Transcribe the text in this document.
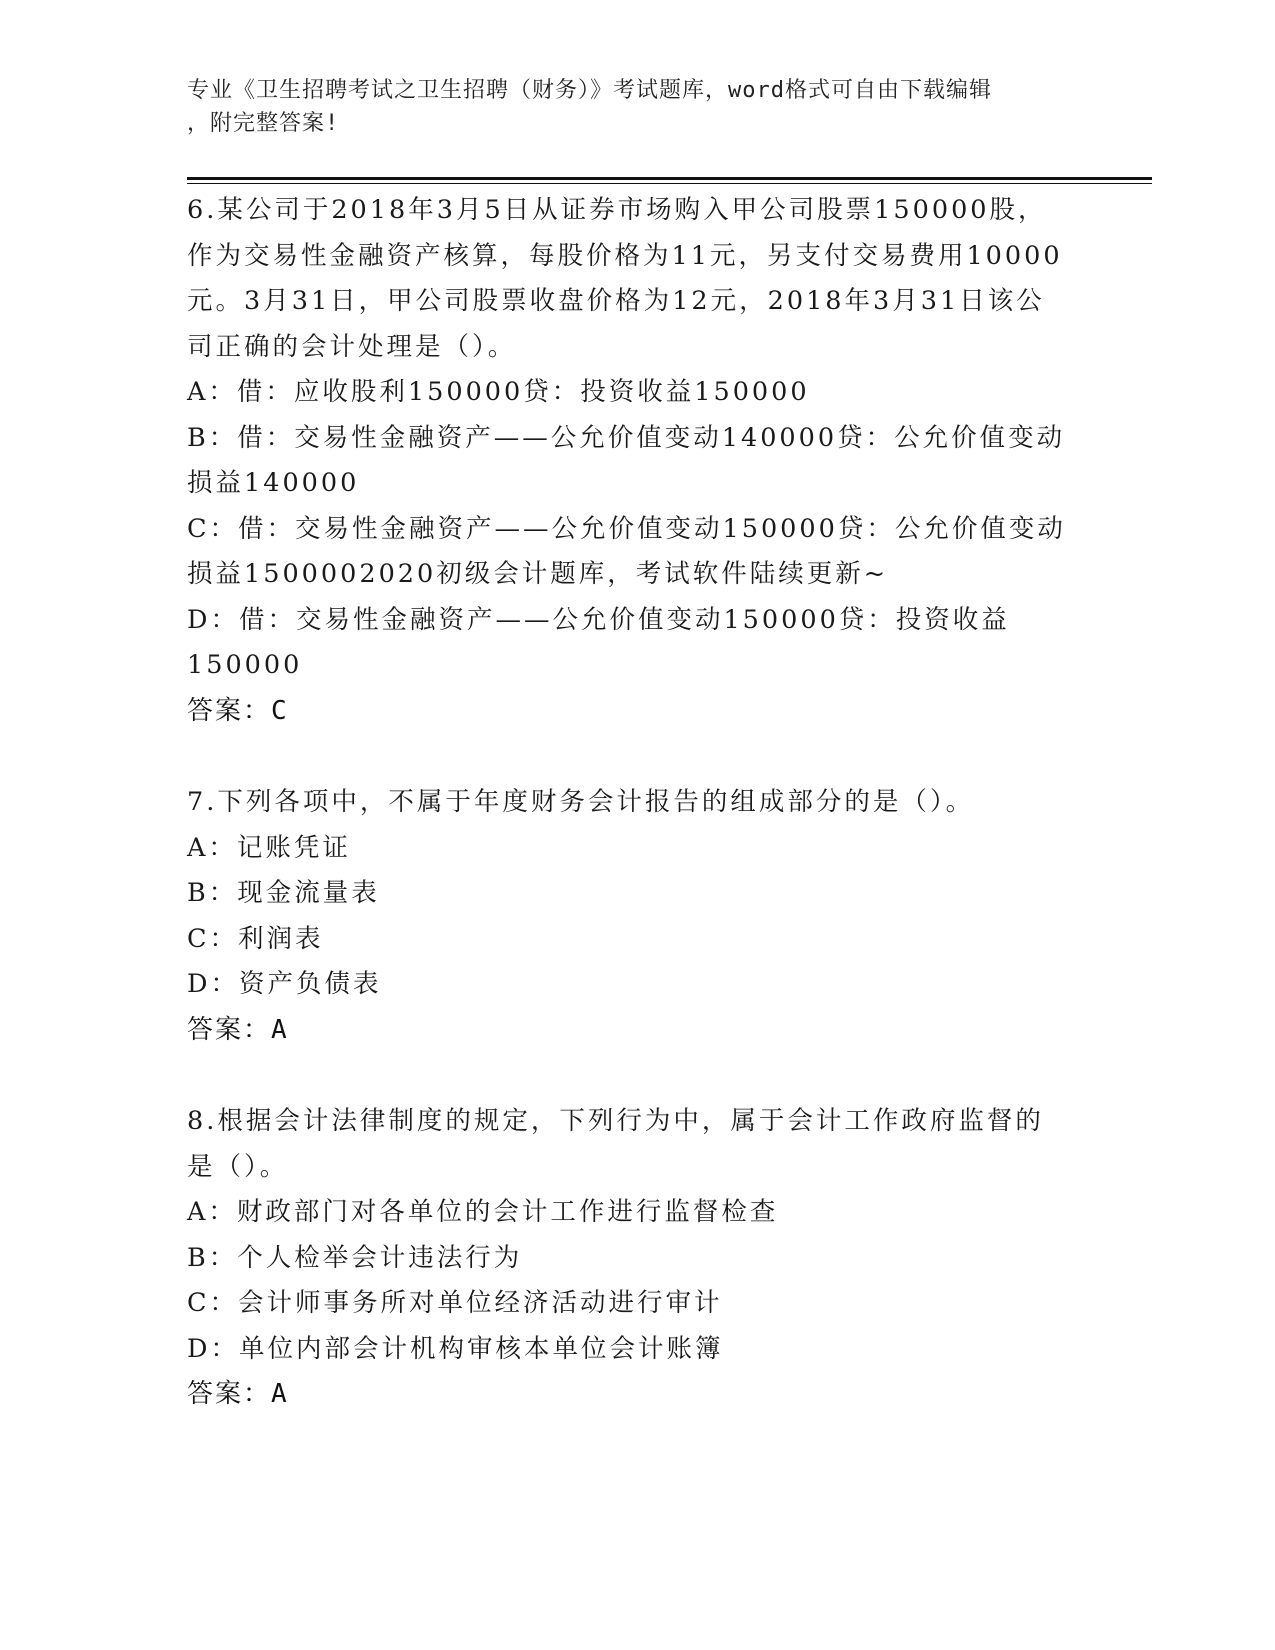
专业《卫生招聘考试之卫生招聘（财务）》考试题库，word格式可自由下载编辑

，附完整答案!

6.某公司于2018年3月5日从证券市场购入甲公司股票150000股，作为交易性金融资产核算，每股价格为11元，另支付交易费用10000元。3月31日，甲公司股票收盘价格为12元，2018年3月31日该公司正确的会计处理是（）。

A：借：应收股利150000贷：投资收益150000

B：借：交易性金融资产——公允价值变动140000贷：公允价值变动损益140000

C：借：交易性金融资产——公允价值变动150000贷：公允价值变动损益1500002020初级会计题库，考试软件陆续更新~

D：借：交易性金融资产——公允价值变动150000贷：投资收益150000

答案：C

7.下列各项中，不属于年度财务会计报告的组成部分的是（）。

A：记账凭证

B：现金流量表

C：利润表

D：资产负债表

答案：A

8.根据会计法律制度的规定，下列行为中，属于会计工作政府监督的是（）。

A：财政部门对各单位的会计工作进行监督检查

B：个人检举会计违法行为

C：会计师事务所对单位经济活动进行审计

D：单位内部会计机构审核本单位会计账簿

答案：A
